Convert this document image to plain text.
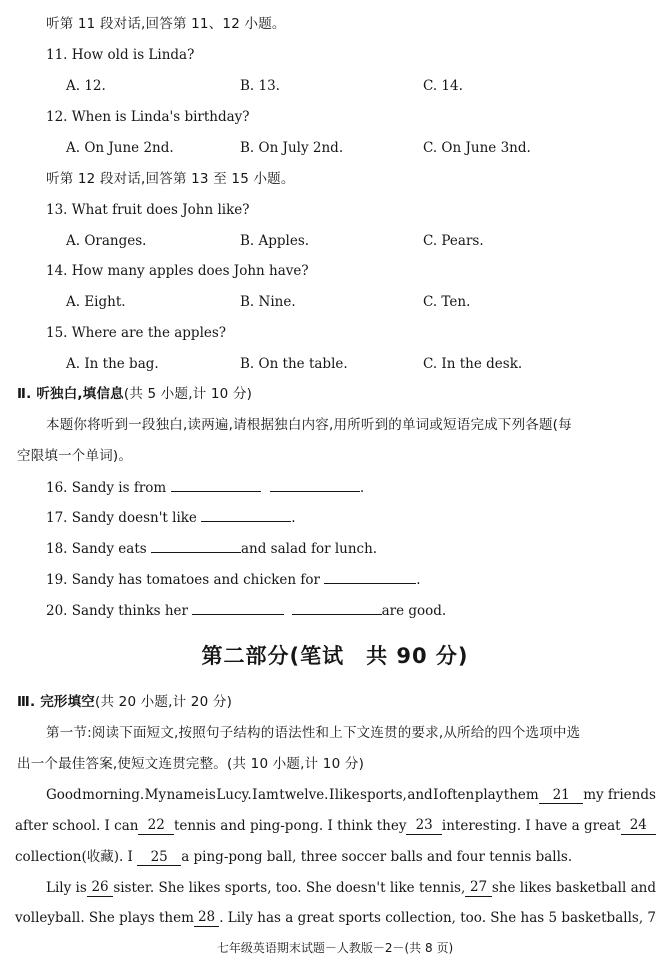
听第 11 段对话,回答第 11、12 小题。
11. How old is Linda?
A. 12.	B. 13.	C. 14.
12. When is Linda's birthday?
A. On June 2nd.	B. On July 2nd.	C. On June 3nd.
听第 12 段对话,回答第 13 至 15 小题。
13. What fruit does John like?
A. Oranges.	B. Apples.	C. Pears.
14. How many apples does John have?
A. Eight.	B. Nine.	C. Ten.
15. Where are the apples?
A. In the bag.	B. On the table.	C. In the desk.
Ⅱ. 听独白,填信息(共 5 小题,计 10 分)
本题你将听到一段独白,读两遍,请根据独白内容,用所听到的单词或短语完成下列各题(每
空限填一个单词)。
16. Sandy is from	.
17. Sandy doesn't like	.
18. Sandy eats	and salad for lunch.
19. Sandy has tomatoes and chicken for	.
20. Sandy thinks her	are good.
第二部分(笔试　共 90 分)
Ⅲ. 完形填空(共 20 小题,计 20 分)
第一节:阅读下面短文,按照句子结构的语法性和上下文连贯的要求,从所给的四个选项中选
出一个最佳答案,使短文连贯完整。(共 10 小题,计 10 分)
Good morning. My name is Lucy. I am twelve. I like sports, and I often play them	21 my friends
after school. I can 22 tennis and ping-pong. I think they 23 interesting. I have a great 24
collection(收藏). I 25 a ping-pong ball, three soccer balls and four tennis balls.
Lily is 26 sister. She likes sports, too. She doesn't like tennis, 27 she likes basketball and
volleyball. She plays them 28 . Lily has a great sports collection, too. She has 5 basketballs, 7
七年级英语期末试题－人教版－2－(共 8 页)
